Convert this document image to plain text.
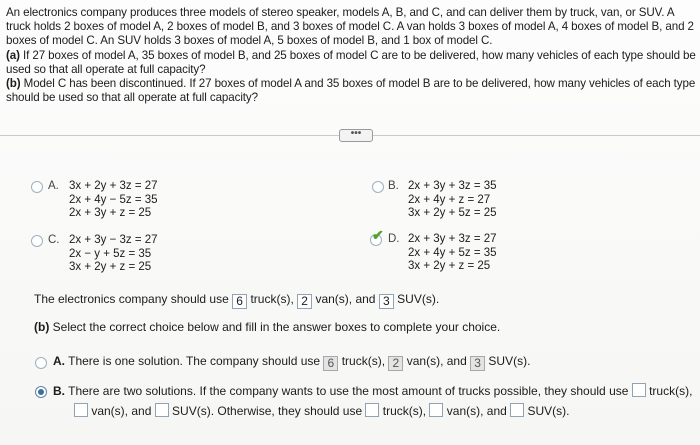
An electronics company produces three models of stereo speaker, models A, B, and C, and can deliver them by truck, van, or SUV. A truck holds 2 boxes of model A, 2 boxes of model B, and 3 boxes of model C. A van holds 3 boxes of model A, 4 boxes of model B, and 2 boxes of model C. An SUV holds 3 boxes of model A, 5 boxes of model B, and 1 box of model C.

(a) If 27 boxes of model A, 35 boxes of model B, and 25 boxes of model C are to be delivered, how many vehicles of each type should be used so that all operate at full capacity?

(b) Model C has been discontinued. If 27 boxes of model A and 35 boxes of model B are to be delivered, how many vehicles of each type should be used so that all operate at full capacity?

•••
A. 3x + 2y + 3z = 27
2x + 4y − 5z = 35
2x + 3y + z = 25
B. 2x + 3y + 3z = 35
2x + 4y + z = 27
3x + 2y + 5z = 25
C. 2x + 3y − 3z = 27
2x − y + 5z = 35
3x + 2y + z = 25
✔ D. 2x + 3y + 3z = 27
2x + 4y + 5z = 35
3x + 2y + z = 25
The electronics company should use 6 truck(s), 2 van(s), and 3 SUV(s).
(b) Select the correct choice below and fill in the answer boxes to complete your choice.
A. There is one solution. The company should use 6 truck(s), 2 van(s), and 3 SUV(s).
B. There are two solutions. If the company wants to use the most amount of trucks possible, they should use  truck(s),
van(s), and  SUV(s). Otherwise, they should use  truck(s),  van(s), and  SUV(s).
